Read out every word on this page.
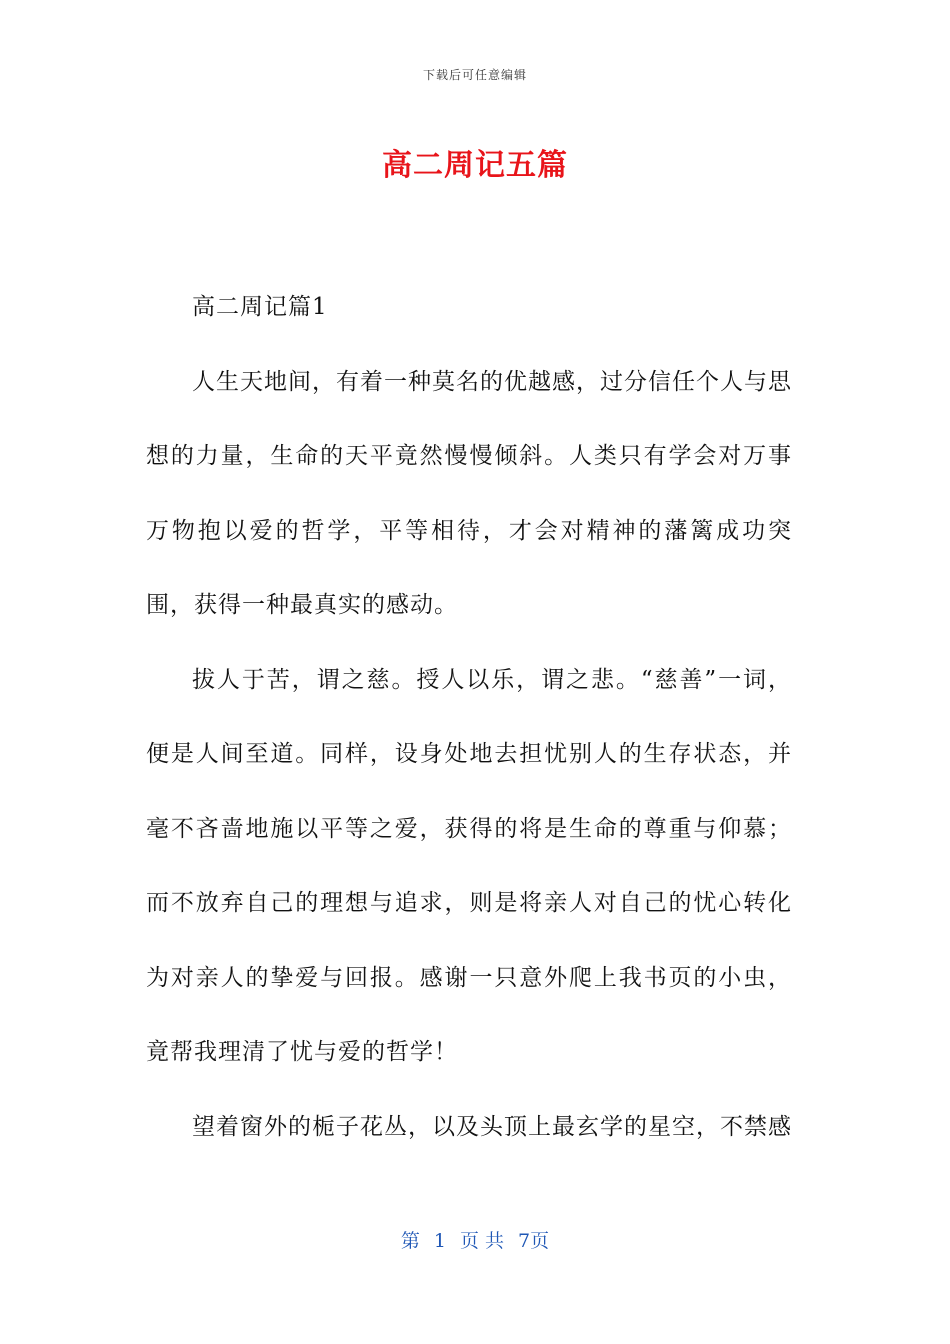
下载后可任意编辑
高二周记五篇

高二周记篇1

人生天地间，有着一种莫名的优越感，过分信任个人与思想的力量，生命的天平竟然慢慢倾斜。人类只有学会对万事万物抱以爱的哲学，平等相待，才会对精神的藩篱成功突围，获得一种最真实的感动。

拔人于苦，谓之慈。授人以乐，谓之悲。“慈善”一词，便是人间至道。同样，设身处地去担忧别人的生存状态，并毫不吝啬地施以平等之爱，获得的将是生命的尊重与仰慕；而不放弃自己的理想与追求，则是将亲人对自己的忧心转化为对亲人的挚爱与回报。感谢一只意外爬上我书页的小虫，竟帮我理清了忧与爱的哲学！

望着窗外的栀子花丛，以及头顶上最玄学的星空，不禁感

第 1 页 共 7页
